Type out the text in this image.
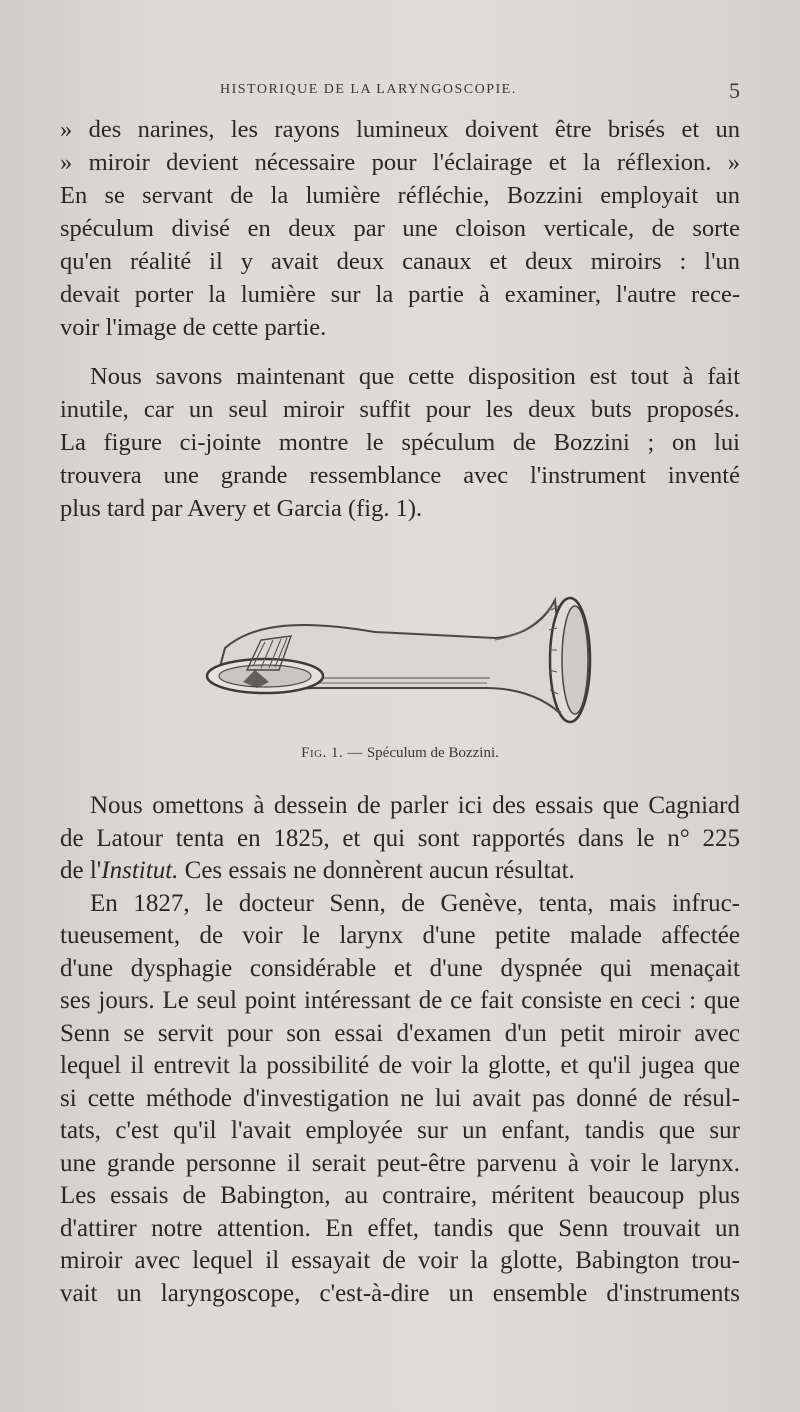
HISTORIQUE DE LA LARYNGOSCOPIE.	5
» des narines, les rayons lumineux doivent être brisés et un
» miroir devient nécessaire pour l'éclairage et la réflexion. »
En se servant de la lumière réfléchie, Bozzini employait un
spéculum divisé en deux par une cloison verticale, de sorte
qu'en réalité il y avait deux canaux et deux miroirs : l'un
devait porter la lumière sur la partie à examiner, l'autre rece-
voir l'image de cette partie.
Nous savons maintenant que cette disposition est tout à fait
inutile, car un seul miroir suffit pour les deux buts proposés.
La figure ci-jointe montre le spéculum de Bozzini ; on lui
trouvera une grande ressemblance avec l'instrument inventé
plus tard par Avery et Garcia (fig. 1).
Fig. 1. — Spéculum de Bozzini.
Nous omettons à dessein de parler ici des essais que Cagniard
de Latour tenta en 1825, et qui sont rapportés dans le n° 225
de l'Institut. Ces essais ne donnèrent aucun résultat.
En 1827, le docteur Senn, de Genève, tenta, mais infruc-
tueusement, de voir le larynx d'une petite malade affectée
d'une dysphagie considérable et d'une dyspnée qui menaçait
ses jours. Le seul point intéressant de ce fait consiste en ceci : que
Senn se servit pour son essai d'examen d'un petit miroir avec
lequel il entrevit la possibilité de voir la glotte, et qu'il jugea que
si cette méthode d'investigation ne lui avait pas donné de résul-
tats, c'est qu'il l'avait employée sur un enfant, tandis que sur
une grande personne il serait peut-être parvenu à voir le larynx.
Les essais de Babington, au contraire, méritent beaucoup plus
d'attirer notre attention. En effet, tandis que Senn trouvait un
miroir avec lequel il essayait de voir la glotte, Babington trou-
vait un laryngoscope, c'est-à-dire un ensemble d'instruments
